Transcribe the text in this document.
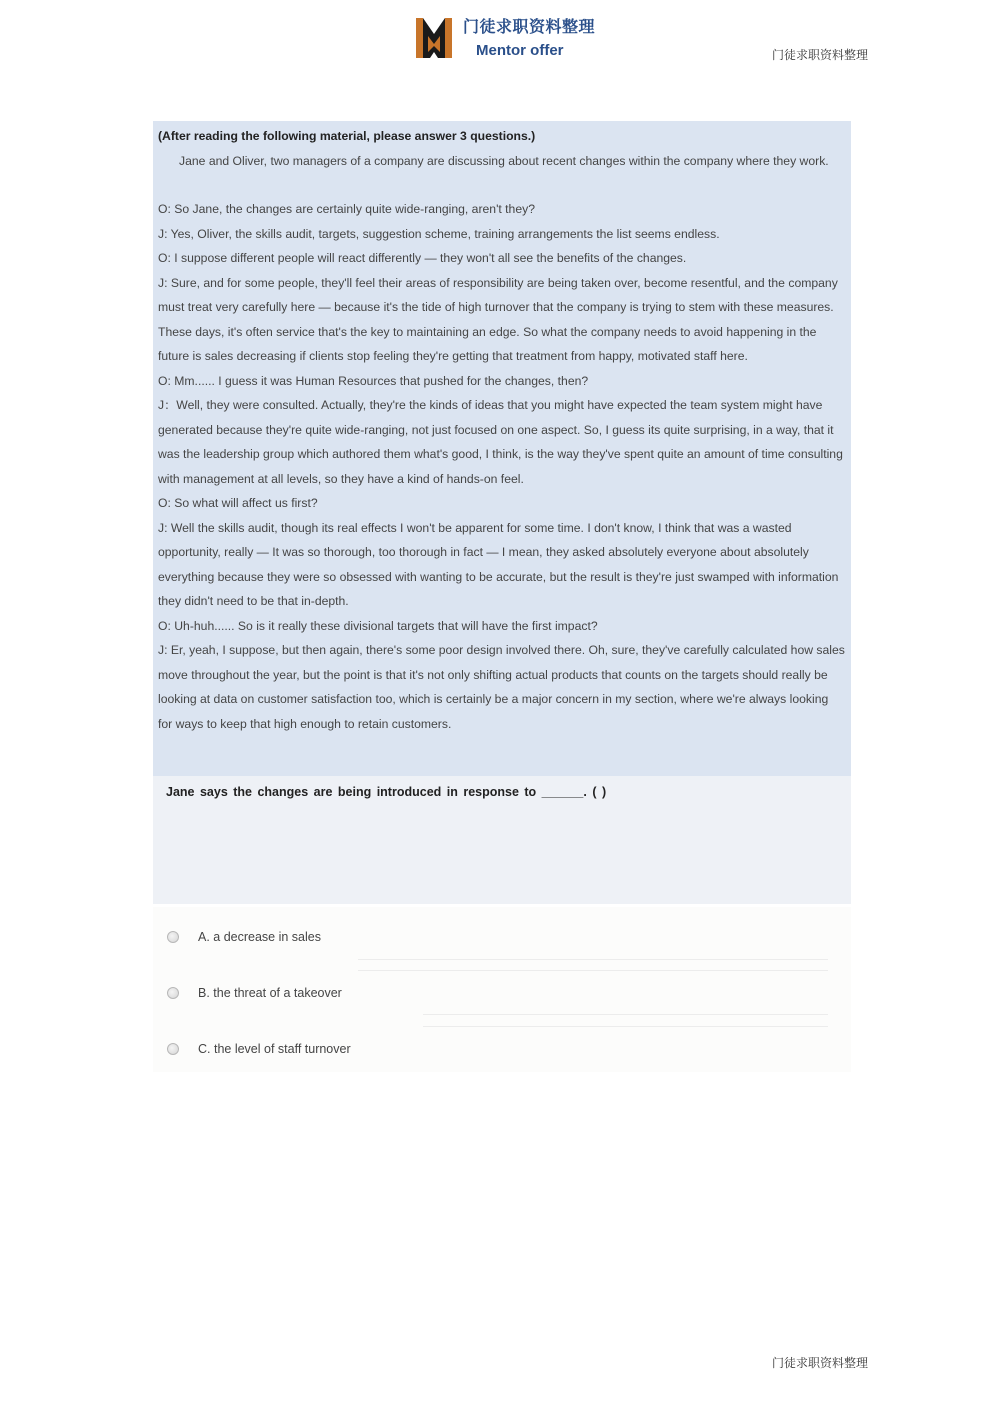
门徒求职资料整理
Mentor offer	门徒求职资料整理

(After reading the following material, please answer 3 questions.)

Jane and Oliver, two managers of a company are discussing about recent changes within the company where they work.

O: So Jane, the changes are certainly quite wide-ranging, aren't they?

J: Yes, Oliver, the skills audit, targets, suggestion scheme, training arrangements the list seems endless.

O: I suppose different people will react differently — they won't all see the benefits of the changes.

J: Sure, and for some people, they'll feel their areas of responsibility are being taken over, become resentful, and the company must treat very carefully here — because it's the tide of high turnover that the company is trying to stem with these measures. These days, it's often service that's the key to maintaining an edge. So what the company needs to avoid happening in the future is sales decreasing if clients stop feeling they're getting that treatment from happy, motivated staff here.

O: Mm...... I guess it was Human Resources that pushed for the changes, then?

J：Well, they were consulted. Actually, they're the kinds of ideas that you might have expected the team system might have generated because they're quite wide-ranging, not just focused on one aspect. So, I guess its quite surprising, in a way, that it was the leadership group which authored them what's good, I think, is the way they've spent quite an amount of time consulting with management at all levels, so they have a kind of hands-on feel.

O: So what will affect us first?

J: Well the skills audit, though its real effects I won't be apparent for some time. I don't know, I think that was a wasted opportunity, really — It was so thorough, too thorough in fact — I mean, they asked absolutely everyone about absolutely everything because they were so obsessed with wanting to be accurate, but the result is they're just swamped with information they didn't need to be that in-depth.

O: Uh-huh...... So is it really these divisional targets that will have the first impact?

J: Er, yeah, I suppose, but then again, there's some poor design involved there. Oh, sure, they've carefully calculated how sales move throughout the year, but the point is that it's not only shifting actual products that counts on the targets should really be looking at data on customer satisfaction too, which is certainly be a major concern in my section, where we're always looking for ways to keep that high enough to retain customers.

Jane says the changes are being introduced in response to ______. ( )
A. a decrease in sales
B. the threat of a takeover
C. the level of staff turnover
门徒求职资料整理
